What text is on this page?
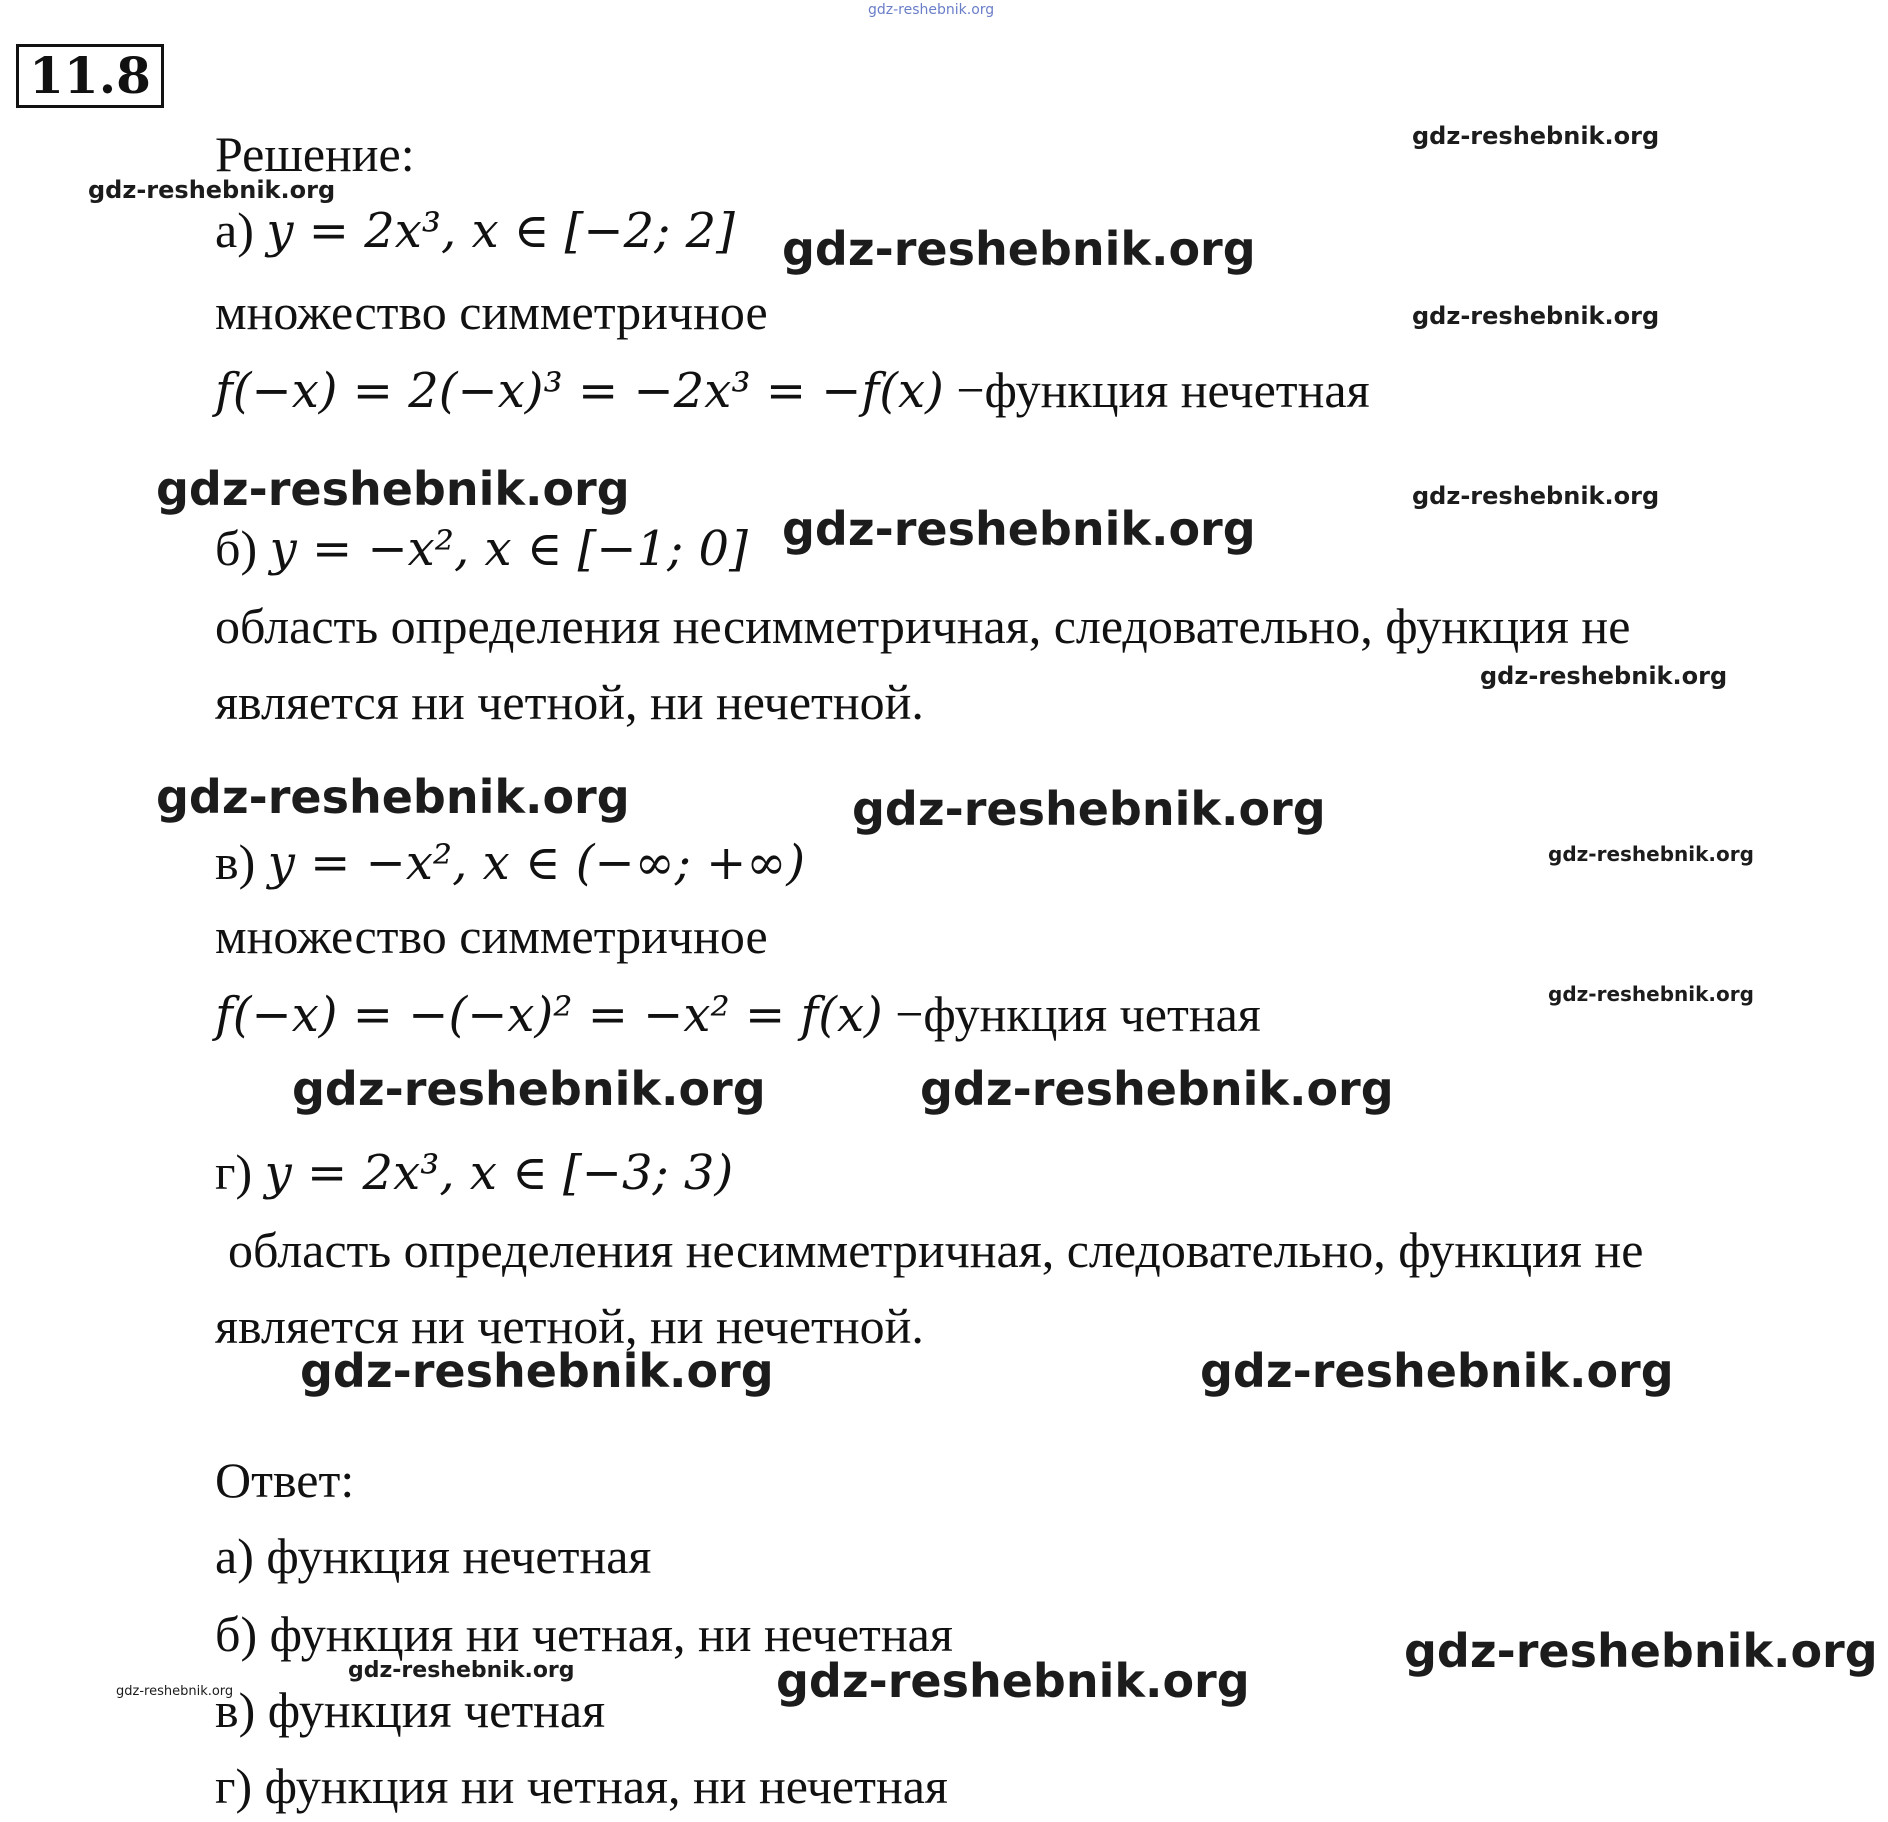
gdz-reshebnik.org
11.8
Решение:
а) y = 2x³, x ∈ [−2; 2]
множество симметричное
f(−x) = 2(−x)³ = −2x³ = −f(x) −функция нечетная
б) y = −x², x ∈ [−1; 0]
область определения несимметричная, следовательно, функция не
является ни четной, ни нечетной.
в) y = −x², x ∈ (−∞; +∞)
множество симметричное
f(−x) = −(−x)² = −x² = f(x) −функция четная
г) y = 2x³, x ∈ [−3; 3)
область определения несимметричная, следовательно, функция не
является ни четной, ни нечетной.
Ответ:
а) функция нечетная
б) функция ни четная, ни нечетная
в) функция четная
г) функция ни четная, ни нечетная
gdz-reshebnik.org
gdz-reshebnik.org
gdz-reshebnik.org
gdz-reshebnik.org
gdz-reshebnik.org	gdz-reshebnik.org
gdz-reshebnik.org
gdz-reshebnik.org
gdz-reshebnik.org	gdz-reshebnik.org
gdz-reshebnik.org
gdz-reshebnik.org
gdz-reshebnik.org	gdz-reshebnik.org
gdz-reshebnik.org	gdz-reshebnik.org
gdz-reshebnik.org
gdz-reshebnik.org	gdz-reshebnik.org
gdz-reshebnik.org
